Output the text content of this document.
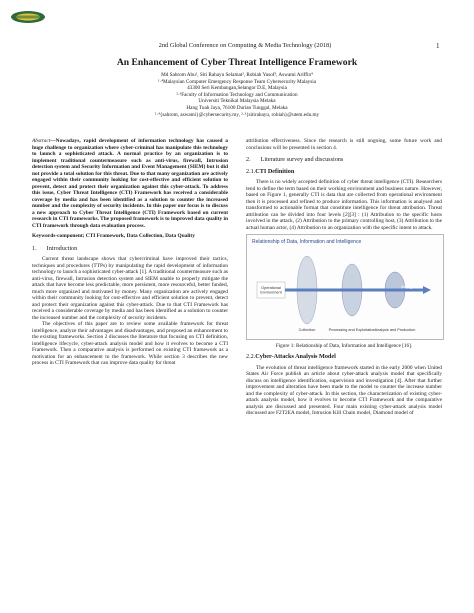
2nd Global Conference on Computing & Media Technology (2018)	1
An Enhancement of Cyber Threat Intelligence Framework
Md Sahrom Abu¹, Siti Rahayu Selamat², Robiah Yusof³, Aswami Ariffin⁴
¹·⁴Malaysian Computer Emergency Response Team Cybersecurity Malaysia
43300 Seri Kembangan,Selangor D.E, Malaysia
²·³Faculty of Information Technology and Communication
Universiti Teknikal Malaysia Melaka
Hang Tuah Jaya, 76100 Durian Tunggal, Melaka
¹·⁴{sahrom, aswami}@cybersecurity.my, ²·³{sitirahayu, robiah}@utem.edu.my

Abstract—Nowadays, rapid development of information technology has caused a huge challenge to organization where cyber-criminal has manipulate this technology to launch a sophisticated attack. A normal practice by an organization is to implement traditional countermeasure such as anti-virus, firewall, Intrusion detection system and Security Information and Event Management (SIEM) but it did not provide a total solution for this threat. Due to that many organization are actively engaged within their community looking for cost-effective and efficient solution to prevent, detect and protect their organization against this cyber-attack. To address this issue, Cyber Threat Intelligence (CTI) Framework has received a considerable coverage by media and has been identified as a solution to counter the increased number and the complexity of security incidents. In this paper our focus is to discuss a new approach to Cyber Threat Intelligence (CTI) Framework based on current research in CTI frameworks. The proposed framework is to improved data quality in CTI framework through data evaluation process.

Keywords-component; CTI Framework, Data Collection, Data Quality

1. Introduction

Current threat landscape shows that cybercriminal have improved their tactics, techniques and procedures (TTPs) by manipulating the rapid development of information technology to launch a sophisticated cyber-attack [1]. A traditional countermeasure such as anti-virus, firewall, Intrusion detection system and SIEM unable to properly mitigate the attack that have become less predictable, more persistent, more resourceful, better funded, much more organized and motivated by money. Many organization are actively engaged within their community looking for cost-effective and efficient solution to prevent, detect and protect their organization against this cyber-attack. Due to that CTI Framework has received a considerable coverage by media and has been identified as a solution to counter the increased number and the complexity of security incidents.

The objectives of this paper are to review some available framework for threat intelligence, analyze their advantages and disadvantages, and proposed an enhancement to the existing frameworks. Section 2 discusses the literature that focusing on CTI definition, intelligence lifecycle, cyber-attack analysis model and how it evolves to become a CTI Framework. Then a comparative analysis is performed on existing CTI framework as a motivation for an enhancement to the framework. While section 3 describes the new process in CTI Framework that can improve data quality for threat

attribution effectiveness. Since the research is still ongoing, some future work and conclusions will be presented in section 4.

2. Literature survey and discussions

2.1.CTI Definition

There is no widely accepted definition of cyber threat intelligence (CTI). Researchers tend to define the term based on their working environment and business nature. However, based on Figure 1, generally CTI is data that are collected from operational environment then it is processed and refined to produce information. This information is analysed and transformed to actionable format that constitute intelligence for threat attribution. Threat attribution can be divided into four levels [2][3] : (1) Attribution to the specific hosts involved in the attack, (2) Attribution to the primary controlling host, (3) Attribution to the actual human actor, (4) Attribution to an organization with the specific intent to attack.

Relationship of Data, Information and Intelligence
Operational Environment
Data	Information	Intelligence
Collection	Processing and Exploitation Analysis and Production

Figure 1: Relationship of Data, Information and Intelligence [16].

2.2.Cyber-Attacks Analysis Model

The evolution of threat intelligence framework started in the early 2000 when United States Air Force publish an article about cyber-attack analysis model that specifically discuss on intelligence identification, supervision and investigation [4]. After that further improvement and alteration have been made to the model to counter the increase number and the complexity of cyber-attack. In this section, the characterization of existing cyber-attack analysis model, how it evolves to become CTI Framework and the comparative analysis are discussed and presented. Four main existing cyber-attack analysis model discussed are F2T2EA model, Intrusion Kill Chain model, Diamond model of
